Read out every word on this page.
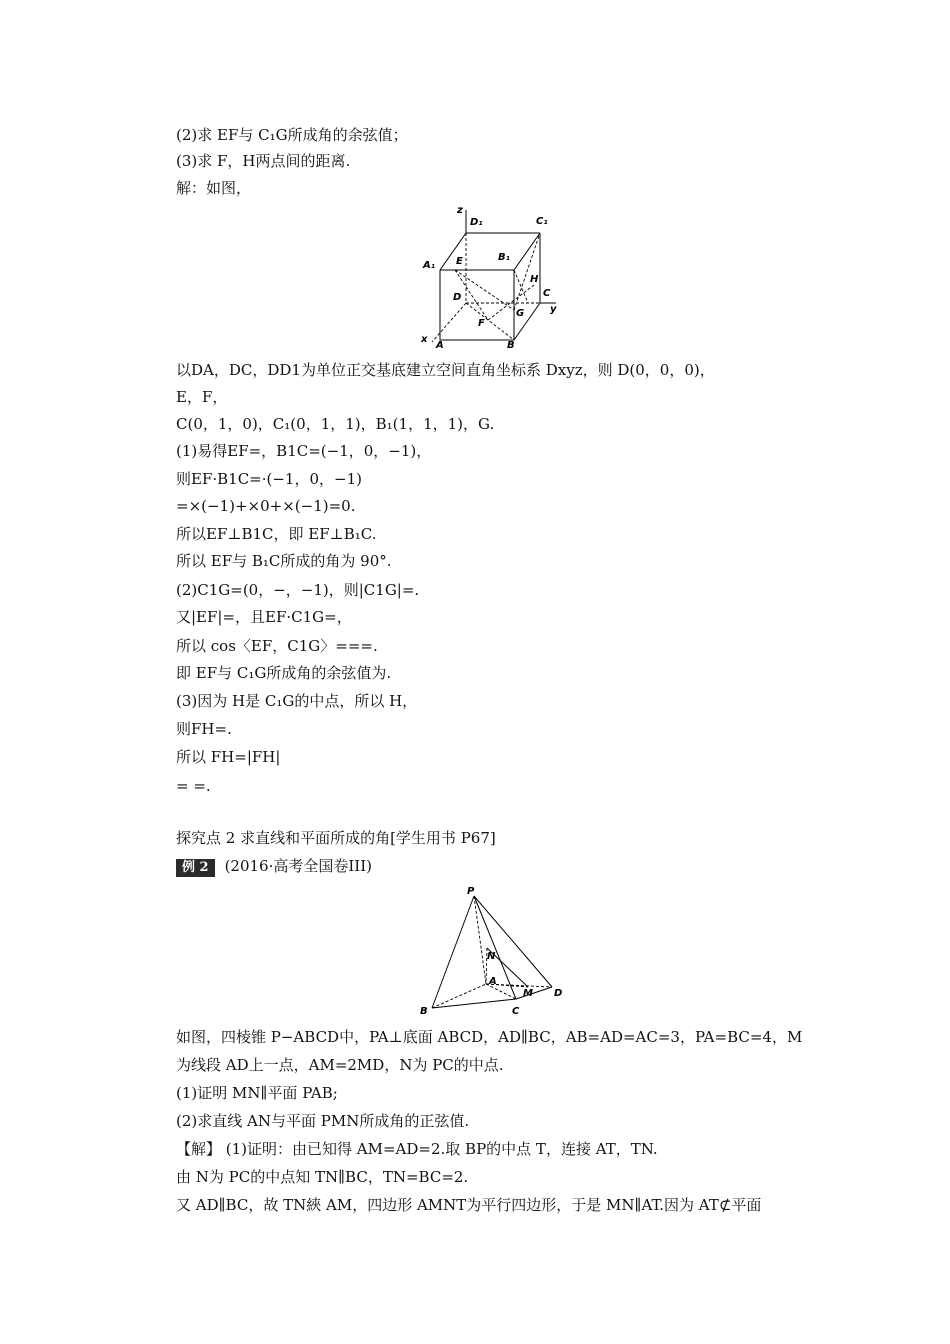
(2)求 EF与 C₁G所成角的余弦值；
(3)求 F，H两点间的距离.
解：如图，
z
D₁	C₁
A₁ E	B₁
H
D	C
y
F
G
x
A	B
以DA，DC，DD1为单位正交基底建立空间直角坐标系 Dxyz，则 D(0，0，0)，
E，F，
C(0，1，0)，C₁(0，1，1)，B₁(1，1，1)，G.
(1)易得EF=，B1C=(−1，0，−1)，
则EF·B1C=·(−1，0，−1)
=×(−1)+×0+×(−1)=0.
所以EF⊥B1C，即 EF⊥B₁C.
所以 EF与 B₁C所成的角为 90°.
(2)C1G=(0，−，−1)，则|C1G|=.
又|EF|=，且EF·C1G=，
所以 cos〈EF，C1G〉===.
即 EF与 C₁G所成角的余弦值为.
(3)因为 H是 C₁G的中点，所以 H，
则FH=.
所以 FH=|FH|
= =.
探究点 2 求直线和平面所成的角[学生用书 P67]
例 2 (2016·高考全国卷III)
P
N
A
M D
B	C
如图，四棱锥 P−ABCD中，PA⊥底面 ABCD，AD∥BC，AB=AD=AC=3，PA=BC=4，M
为线段 AD上一点，AM=2MD，N为 PC的中点.
(1)证明 MN∥平面 PAB;
(2)求直线 AN与平面 PMN所成角的正弦值.
【解】 (1)证明：由已知得 AM=AD=2.取 BP的中点 T，连接 AT，TN.
由 N为 PC的中点知 TN∥BC，TN=BC=2.
又 AD∥BC，故 TN綊 AM，四边形 AMNT为平行四边形，于是 MN∥AT.因为 AT⊄平面
